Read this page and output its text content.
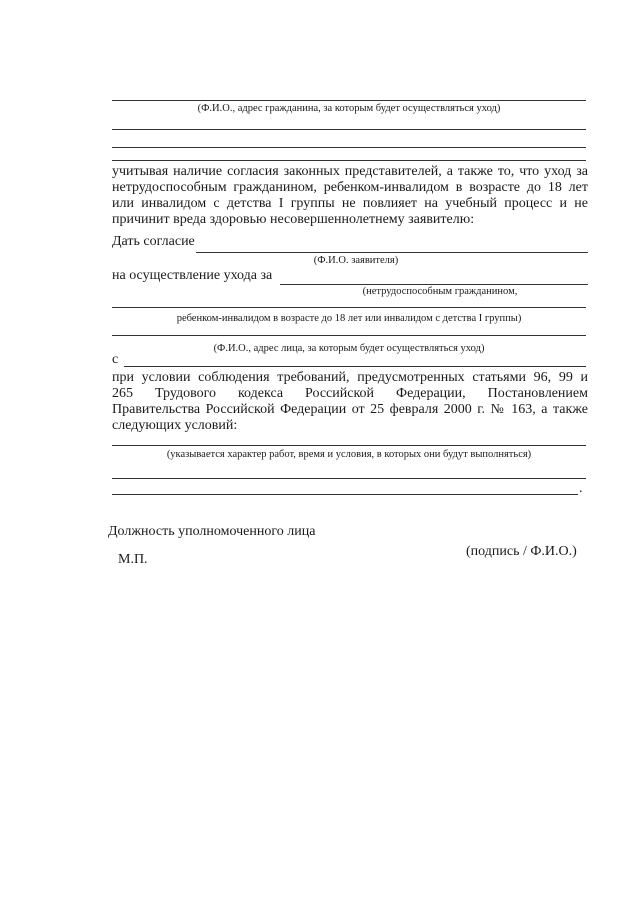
(Ф.И.О., адрес гражданина, за которым будет осуществляться уход)
учитывая наличие согласия законных представителей, а также то, что уход за
нетрудоспособным гражданином, ребенком-инвалидом в возрасте до 18 лет
или инвалидом с детства I группы не повлияет на учебный процесс и не
причинит вреда здоровью несовершеннолетнему заявителю:
Дать согласие
(Ф.И.О. заявителя)
на осуществление ухода за
(нетрудоспособным гражданином,
ребенком-инвалидом в возрасте до 18 лет или инвалидом с детства I группы)
(Ф.И.О., адрес лица, за которым будет осуществляться уход)
с
при условии соблюдения требований, предусмотренных статьями 96, 99 и
265 Трудового кодекса Российской Федерации, Постановлением
Правительства Российской Федерации от 25 февраля 2000 г. № 163, а также
следующих условий:
(указывается характер работ, время и условия, в которых они будут выполняться)
.
Должность уполномоченного лица
(подпись / Ф.И.О.)
М.П.
